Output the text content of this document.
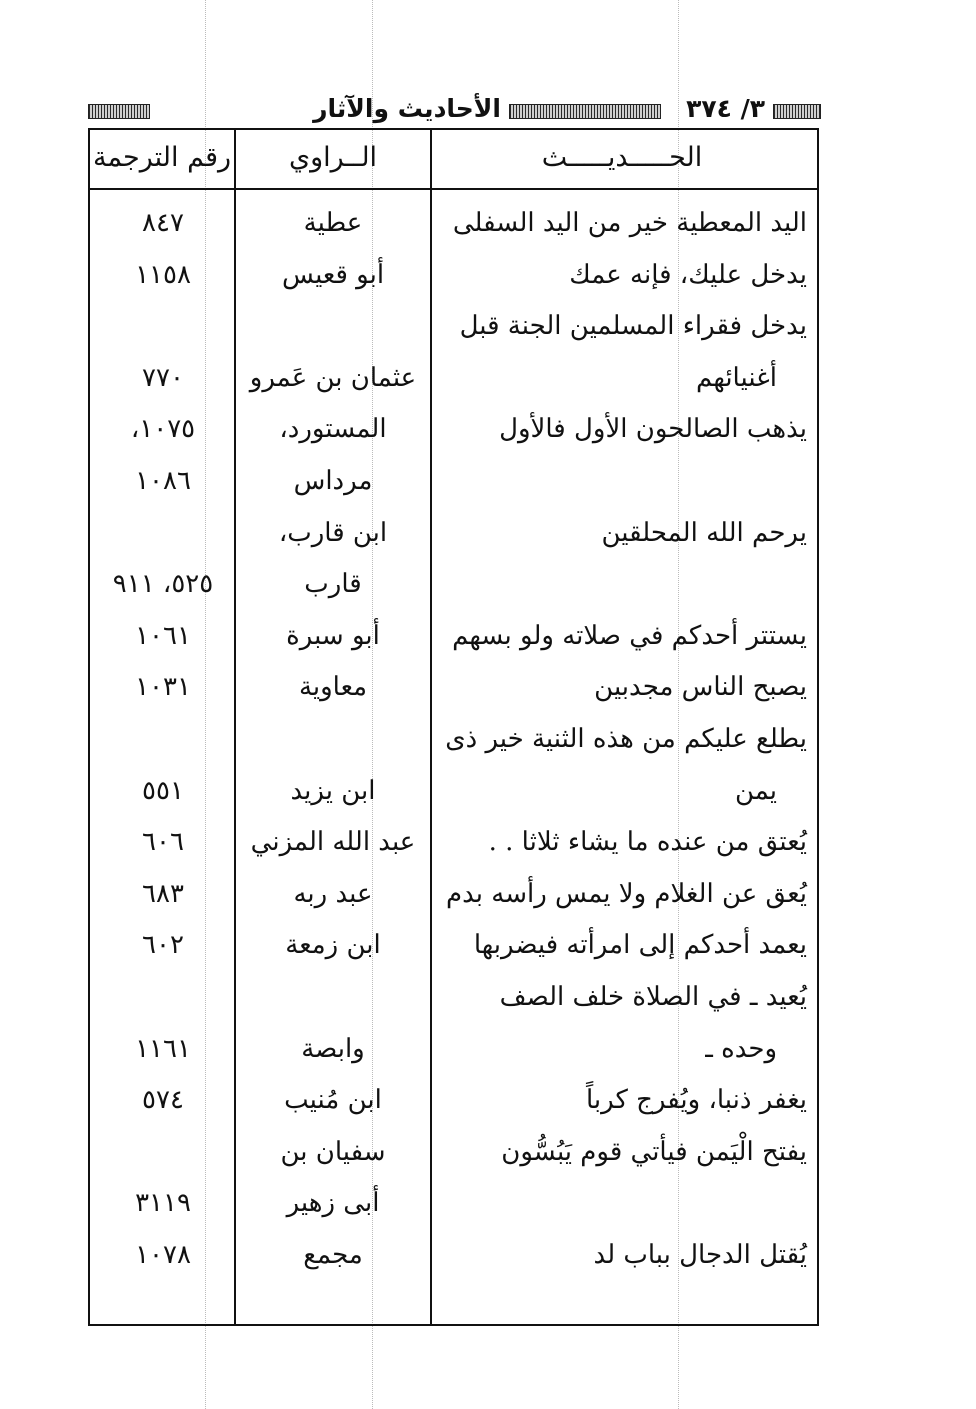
٣/ ٣٧٤
الأحاديث والآثار
الحـــــديـــــث
الــراوي
رقم الترجمة
اليد المعطية خير من اليد السفلى
عطية
٨٤٧
يدخل عليك، فإنه عمك
أبو قعيس
١١٥٨
يدخل فقراء المسلمين الجنة قبل
أغنيائهم
عثمان بن عَمرو
٧٧٠
يذهب الصالحون الأول فالأول
المستورد،
١٠٧٥،
مرداس
١٠٨٦
يرحم الله المحلقين
ابن قارب،
قارب
٥٢٥، ٩١١
يستتر أحدكم في صلاته ولو بسهم
أبو سبرة
١٠٦١
يصبح الناس مجدبين
معاوية
١٠٣١
يطلع عليكم من هذه الثنية خير ذى
يمن
ابن يزيد
٥٥١
يُعتق من عنده ما يشاء ثلاثا . .
عبد الله المزني
٦٠٦
يُعق عن الغلام ولا يمس رأسه بدم
عبد ربه
٦٨٣
يعمد أحدكم إلى امرأته فيضربها
ابن زمعة
٦٠٢
يُعيد ـ في الصلاة خلف الصف
وحده ـ
وابصة
١١٦١
يغفر ذنبا، ويُفرج كرباً
ابن مُنيب
٥٧٤
يفتح الْيَمن فيأتي قوم يَبُسُّون
سفيان بن
أبى زهير
٣١١٩
يُقتل الدجال بباب لد
مجمع
١٠٧٨
